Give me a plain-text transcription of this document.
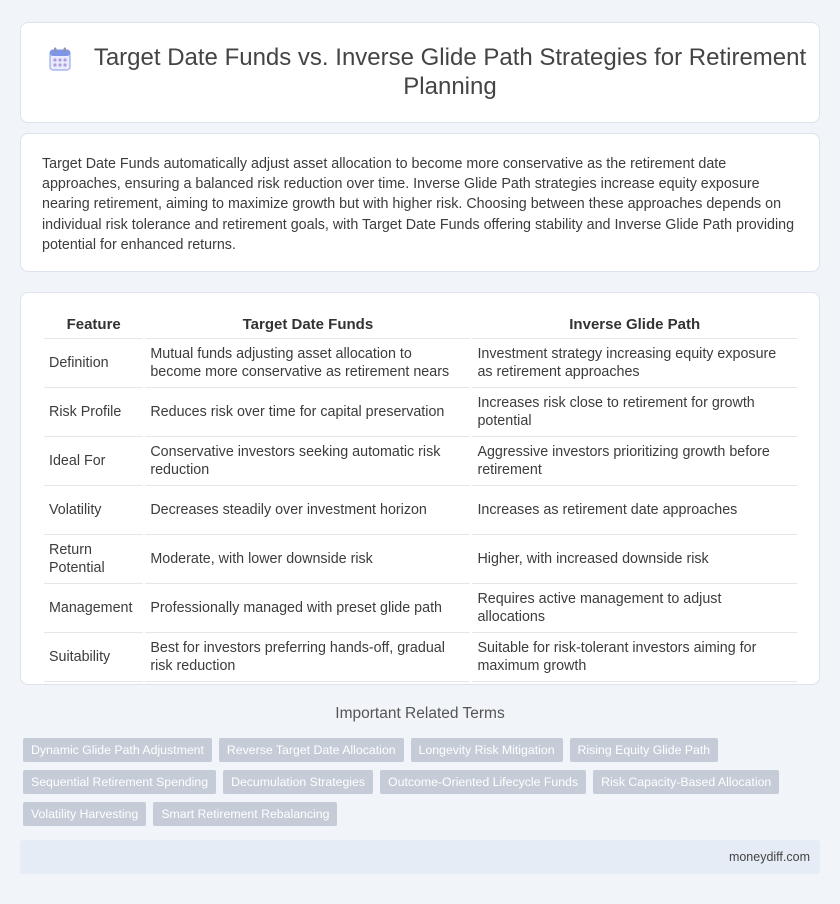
Target Date Funds vs. Inverse Glide Path Strategies for Retirement Planning

Target Date Funds automatically adjust asset allocation to become more conservative as the retirement date approaches, ensuring a balanced risk reduction over time. Inverse Glide Path strategies increase equity exposure nearing retirement, aiming to maximize growth but with higher risk. Choosing between these approaches depends on individual risk tolerance and retirement goals, with Target Date Funds offering stability and Inverse Glide Path providing potential for enhanced returns.

Feature	Target Date Funds	Inverse Glide Path
Definition	Mutual funds adjusting asset allocation to become more conservative as retirement nears	Investment strategy increasing equity exposure as retirement approaches
Risk Profile	Reduces risk over time for capital preservation	Increases risk close to retirement for growth potential
Ideal For	Conservative investors seeking automatic risk reduction	Aggressive investors prioritizing growth before retirement
Volatility	Decreases steadily over investment horizon	Increases as retirement date approaches
Return Potential	Moderate, with lower downside risk	Higher, with increased downside risk
Management	Professionally managed with preset glide path	Requires active management to adjust allocations
Suitability	Best for investors preferring hands-off, gradual risk reduction	Suitable for risk-tolerant investors aiming for maximum growth
Important Related Terms
Dynamic Glide Path Adjustment	Reverse Target Date Allocation	Longevity Risk Mitigation	Rising Equity Glide Path
Sequential Retirement Spending	Decumulation Strategies	Outcome-Oriented Lifecycle Funds	Risk Capacity-Based Allocation
Volatility Harvesting	Smart Retirement Rebalancing
moneydiff.com
